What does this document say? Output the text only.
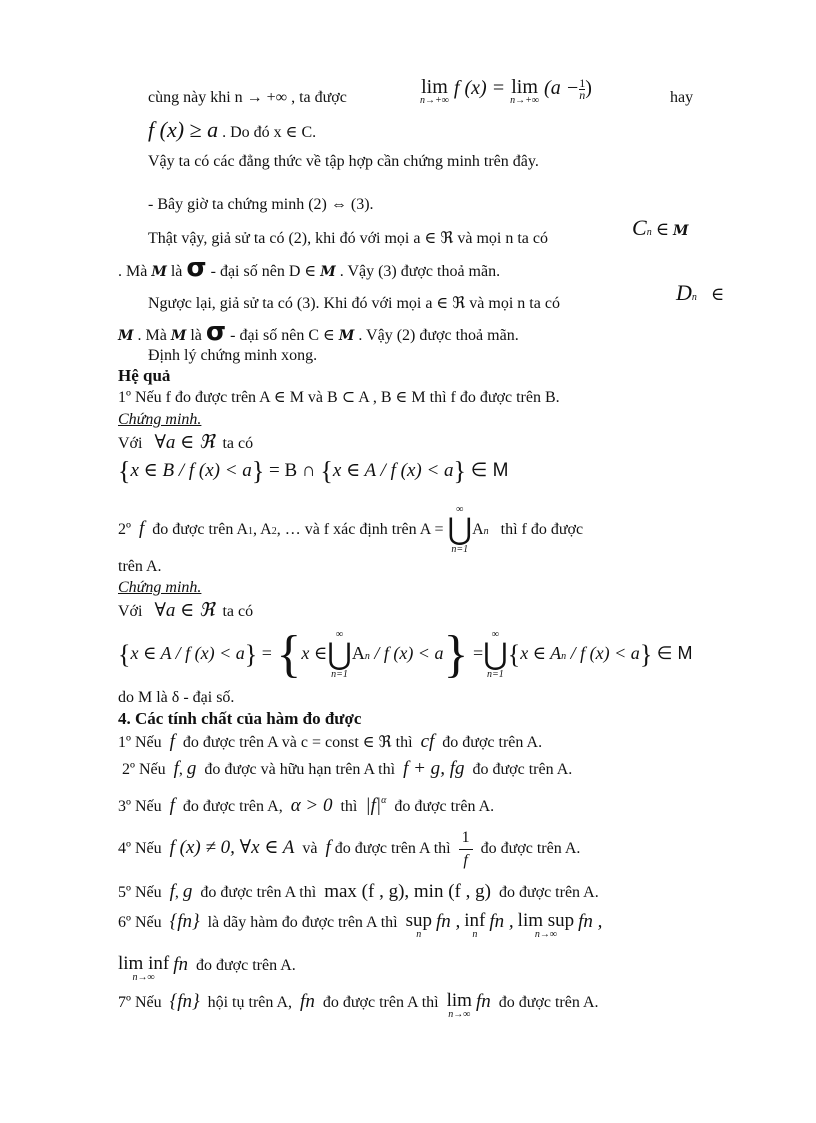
cùng này khi n → +∞ , ta được	lim
n→+∞
f (x) = lim
n→+∞
($a - \frac{1}{n}$ )	hay
f (x) ≥ a . Do đó x ∈ C.
Vậy ta có các đẳng thức về tập hợp cần chứng minh trên đây.
- Bây giờ ta chứng minh (2) ⇔ (3).
Thật vậy, giả sử ta có (2), khi đó với mọi a ∈ ℜ và mọi n ta có	Cn ∈ M
. Mà M là σ - đại số nên D ∈ M . Vậy (3) được thoả mãn.
Ngược lại, giả sử ta có (3). Khi đó với mọi a ∈ ℜ và mọi n ta có	Dn ∈
M . Mà M là σ - đại số nên C ∈ M . Vậy (2) được thoả mãn.
Định lý chứng minh xong.
Hệ quả
1º Nếu f đo được trên A ∈ M và B ⊂ A , B ∈ M thì f đo được trên B.
Chứng minh.
Với ∀a ∈ ℜ ta có
{x ∈ B / f (x) < a} = B ∩ {x ∈ A / f (x) < a} ∈ M
2º f đo được trên A1, A2, … và f xác định trên A =
∞
⋃
n=1
An thì f đo được
trên A.
Chứng minh.
Với ∀a ∈ ℜ ta có
{x ∈ A / f (x) < a} = {x ∈
∞
⋃
n=1
An / f (x) < a} =
∞
⋃
n=1
{x ∈ An / f (x) < a} ∈ M
do M là δ - đại số.
4. Các tính chất của hàm đo được
1º Nếu f đo được trên A và c = const ∈ ℜ thì cf đo được trên A.
2º Nếu f, g đo được và hữu hạn trên A thì f + g, fg đo được trên A.
3º Nếu f đo được trên A, α > 0 thì $|f|^\alpha$ đo được trên A.
4º Nếu f (x) ≠ 0, ∀x ∈ A và f đo được trên A thì $\frac{1}{f}$ đo được trên A.
5º Nếu f, g đo được trên A thì max (f , g), min (f , g) đo được trên A.
6º Nếu {fn} là dãy hàm đo được trên A thì sup
n
fn , inf
n
fn , lim sup
n→∞
fn ,
lim inf
n→∞
fn đo được trên A.
7º Nếu {fn} hội tụ trên A, fn đo được trên A thì lim
n→∞
fn đo được trên A.
